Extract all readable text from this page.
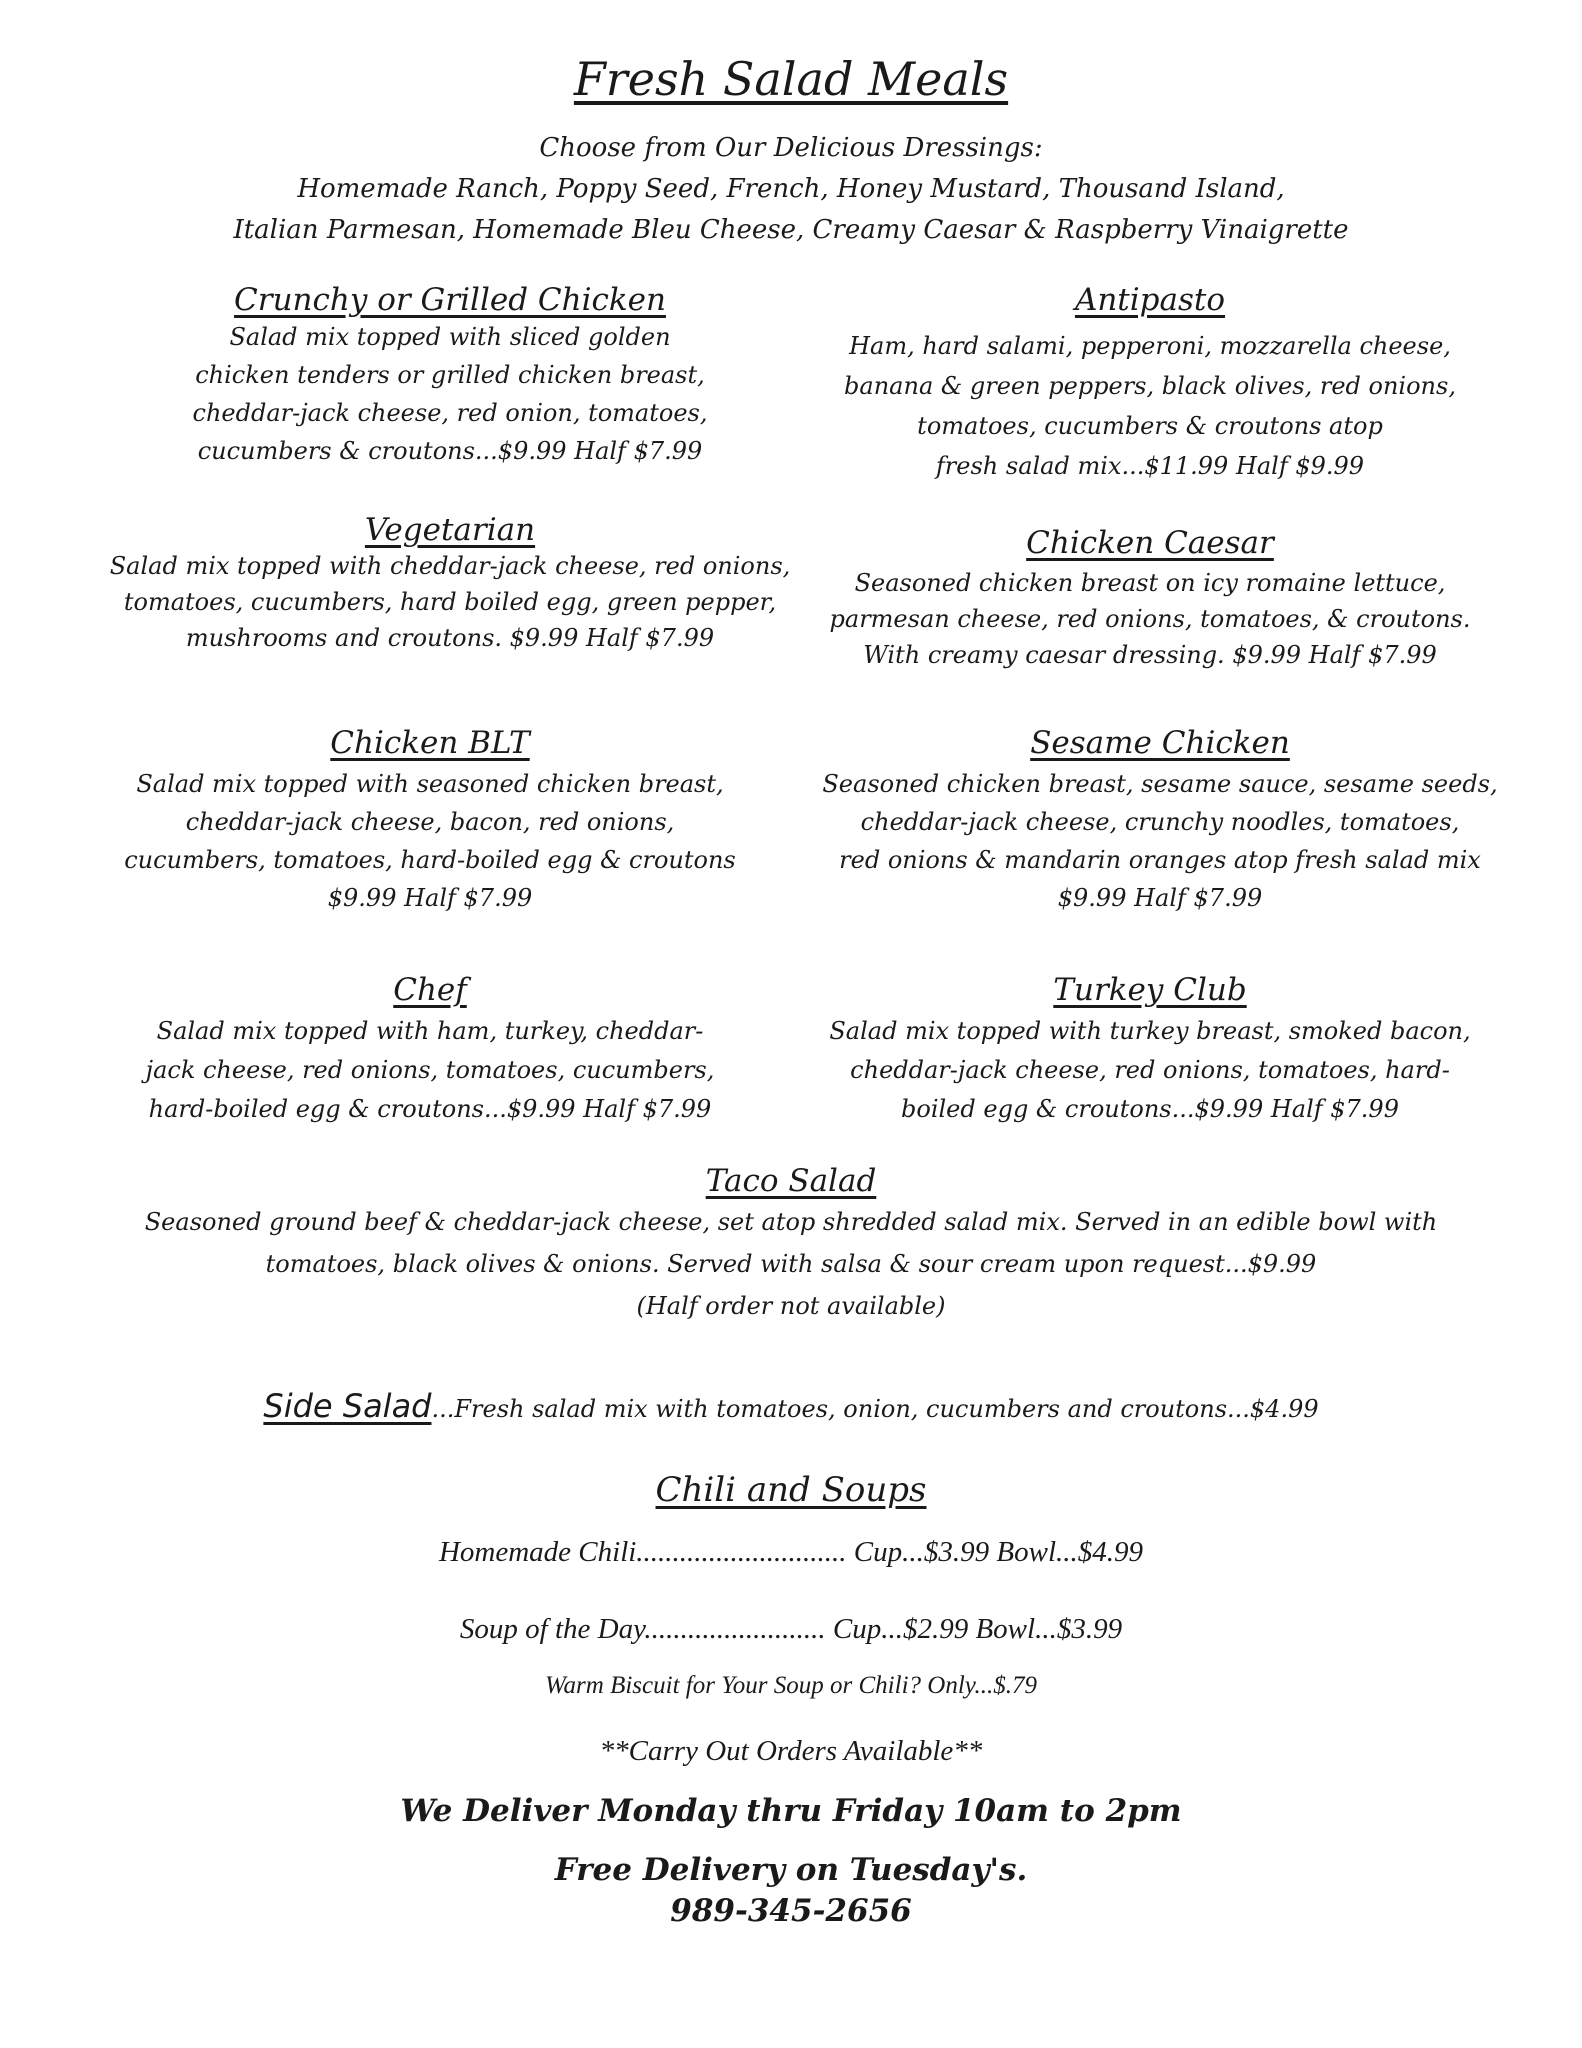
Fresh Salad Meals
Choose from Our Delicious Dressings:
Homemade Ranch, Poppy Seed, French, Honey Mustard, Thousand Island,
Italian Parmesan, Homemade Bleu Cheese, Creamy Caesar & Raspberry Vinaigrette
Crunchy or Grilled Chicken
Salad mix topped with sliced golden
chicken tenders or grilled chicken breast,
cheddar-jack cheese, red onion, tomatoes,
cucumbers & croutons...$9.99 Half $7.99
Antipasto
Ham, hard salami, pepperoni, mozzarella cheese,
banana & green peppers, black olives, red onions,
tomatoes, cucumbers & croutons atop
fresh salad mix...$11.99 Half $9.99
Vegetarian
Salad mix topped with cheddar-jack cheese, red onions,
tomatoes, cucumbers, hard boiled egg, green pepper,
mushrooms and croutons. $9.99 Half $7.99
Chicken Caesar
Seasoned chicken breast on icy romaine lettuce,
parmesan cheese, red onions, tomatoes, & croutons.
With creamy caesar dressing. $9.99 Half $7.99
Chicken BLT
Salad mix topped with seasoned chicken breast,
cheddar-jack cheese, bacon, red onions,
cucumbers, tomatoes, hard-boiled egg & croutons
$9.99 Half $7.99
Sesame Chicken
Seasoned chicken breast, sesame sauce, sesame seeds,
cheddar-jack cheese, crunchy noodles, tomatoes,
red onions & mandarin oranges atop fresh salad mix
$9.99 Half $7.99
Chef
Salad mix topped with ham, turkey, cheddar-
jack cheese, red onions, tomatoes, cucumbers,
hard-boiled egg & croutons...$9.99 Half $7.99
Turkey Club
Salad mix topped with turkey breast, smoked bacon,
cheddar-jack cheese, red onions, tomatoes, hard-
boiled egg & croutons...$9.99 Half $7.99
Taco Salad
Seasoned ground beef & cheddar-jack cheese, set atop shredded salad mix. Served in an edible bowl with
tomatoes, black olives & onions. Served with salsa & sour cream upon request...$9.99
(Half order not available)
Side Salad...Fresh salad mix with tomatoes, onion, cucumbers and croutons...$4.99
Chili and Soups
Homemade Chili............................. Cup...$3.99 Bowl...$4.99
Soup of the Day......................... Cup...$2.99 Bowl...$3.99
Warm Biscuit for Your Soup or Chili? Only...$.79
**Carry Out Orders Available**
We Deliver Monday thru Friday 10am to 2pm
Free Delivery on Tuesday's.
989-345-2656
